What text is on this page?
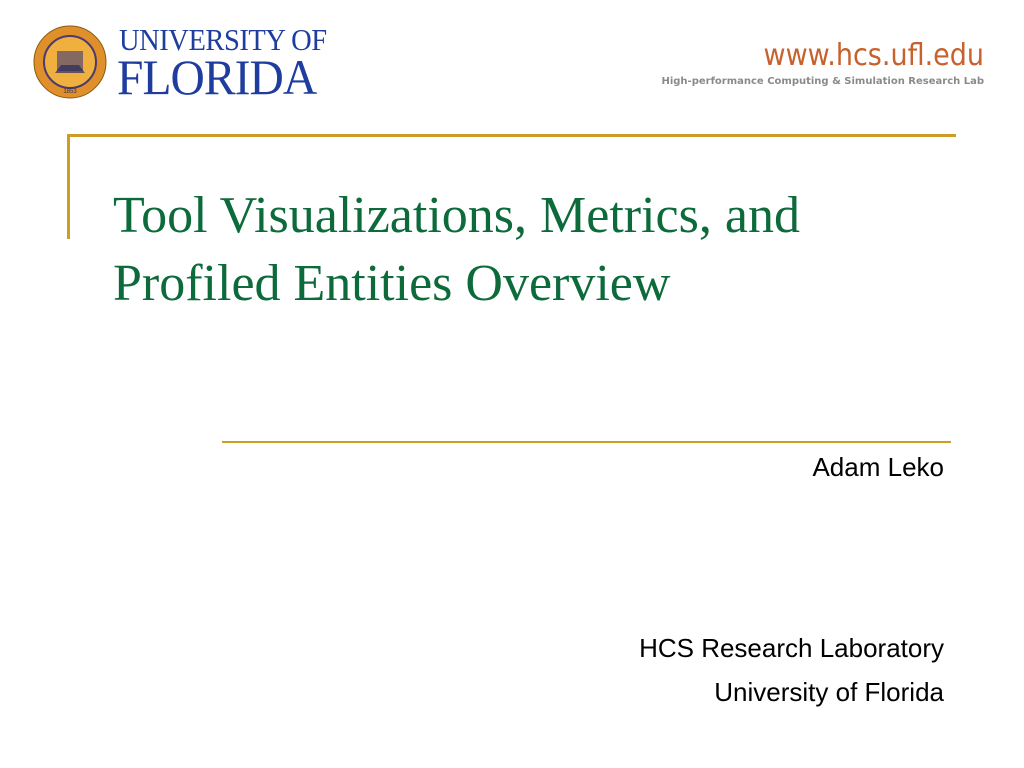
1853
UNIVERSITY OF
FLORIDA	www.hcs.ufl.edu
High-performance Computing & Simulation Research Lab
Tool Visualizations, Metrics, and Profiled Entities Overview
Adam Leko
HCS Research Laboratory
University of Florida
